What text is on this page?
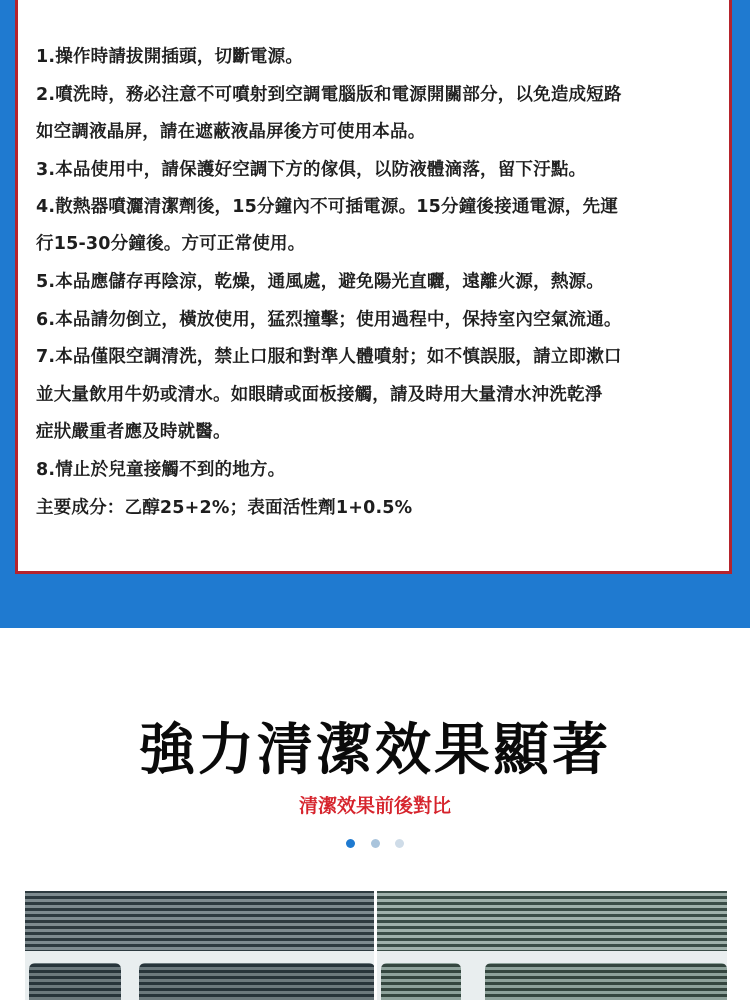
1.操作時請拔開插頭，切斷電源。
2.噴洗時，務必注意不可噴射到空調電腦版和電源開關部分，以免造成短路
如空調液晶屏，請在遮蔽液晶屏後方可使用本品。
3.本品使用中，請保護好空調下方的傢俱，以防液體滴落，留下汙點。
4.散熱器噴灑清潔劑後，15分鐘內不可插電源。15分鐘後接通電源，先運
行15-30分鐘後。方可正常使用。
5.本品應儲存再陰涼，乾燥，通風處，避免陽光直曬，遠離火源，熱源。
6.本品請勿倒立，橫放使用，猛烈撞擊；使用過程中，保持室內空氣流通。
7.本品僅限空調清洗，禁止口服和對準人體噴射；如不慎誤服，請立即漱口
並大量飲用牛奶或清水。如眼睛或面板接觸，請及時用大量清水沖洗乾淨
症狀嚴重者應及時就醫。
8.情止於兒童接觸不到的地方。
主要成分：乙醇25+2%；表面活性劑1+0.5%
強力清潔效果顯著
清潔效果前後對比
